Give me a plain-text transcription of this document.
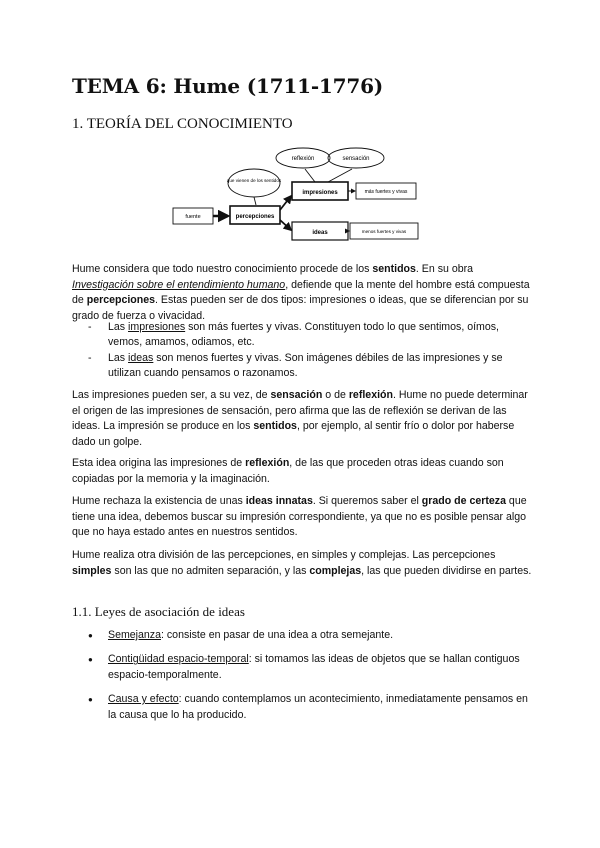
TEMA 6: Hume (1711-1776)
1. TEORÍA DEL CONOCIMIENTO
reflexión	sensación
que vienen de los sentidos
fuente	percepciones
impresiones
ideas
más fuertes y vivas
menos fuertes y vivas

Hume considera que todo nuestro conocimiento procede de los sentidos. En su obra Investigación sobre el entendimiento humano, defiende que la mente del hombre está compuesta de percepciones. Estas pueden ser de dos tipos: impresiones o ideas, que se diferencian por su grado de fuerza o vivacidad.

- Las impresiones son más fuertes y vivas. Constituyen todo lo que sentimos, oímos, vemos, amamos, odiamos, etc.
- Las ideas son menos fuertes y vivas. Son imágenes débiles de las impresiones y se utilizan cuando pensamos o razonamos.

Las impresiones pueden ser, a su vez, de sensación o de reflexión. Hume no puede determinar el origen de las impresiones de sensación, pero afirma que las de reflexión se derivan de las ideas. La impresión se produce en los sentidos, por ejemplo, al sentir frío o dolor por haberse dado un golpe.

Esta idea origina las impresiones de reflexión, de las que proceden otras ideas cuando son copiadas por la memoria y la imaginación.

Hume rechaza la existencia de unas ideas innatas. Si queremos saber el grado de certeza que tiene una idea, debemos buscar su impresión correspondiente, ya que no es posible pensar algo que no haya estado antes en nuestros sentidos.

Hume realiza otra división de las percepciones, en simples y complejas. Las percepciones simples son las que no admiten separación, y las complejas, las que pueden dividirse en partes.

1.1. Leyes de asociación de ideas
● Semejanza: consiste en pasar de una idea a otra semejante.
● Contigüidad espacio-temporal: si tomamos las ideas de objetos que se hallan contiguos espacio-temporalmente.
● Causa y efecto: cuando contemplamos un acontecimiento, inmediatamente pensamos en la causa que lo ha producido.
